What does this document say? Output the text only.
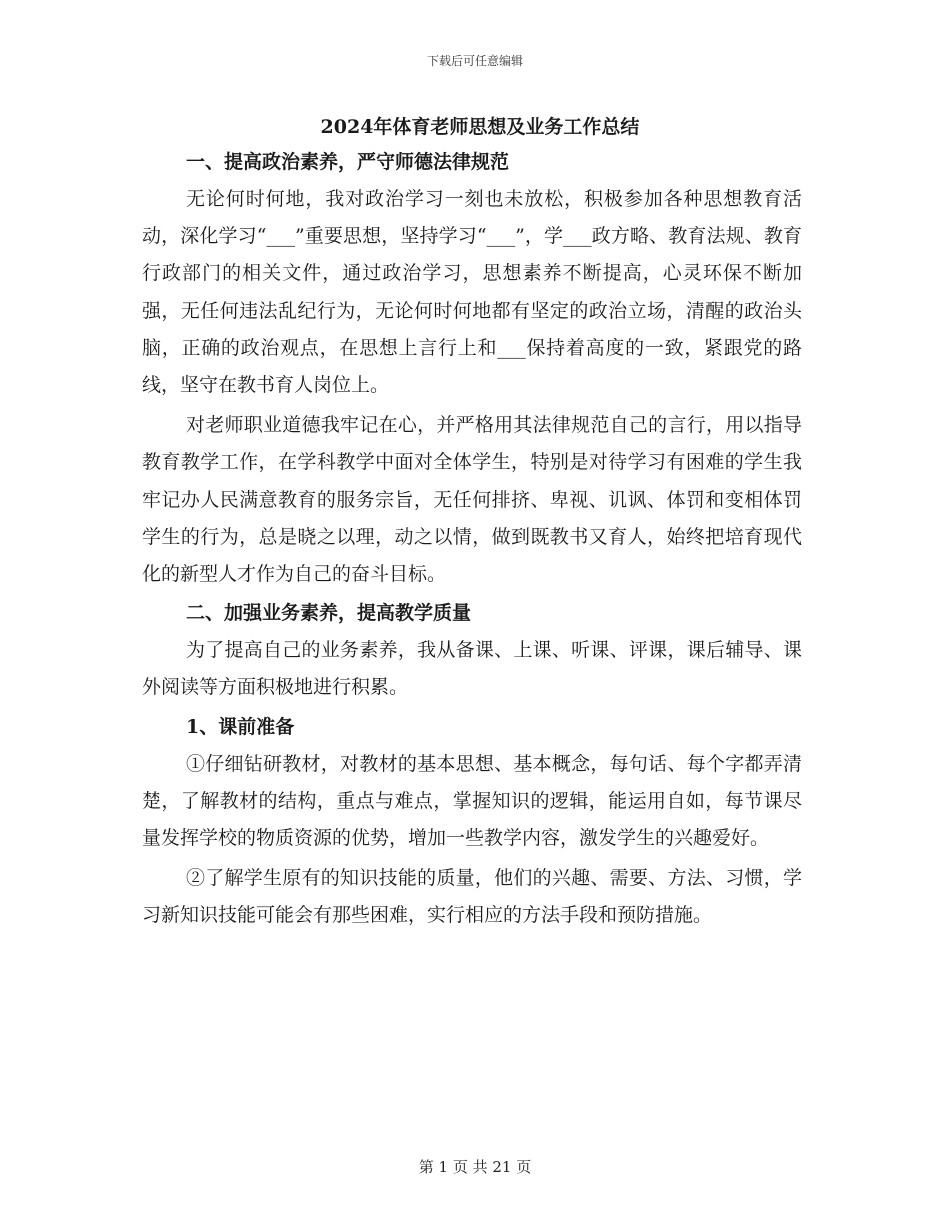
下载后可任意编辑
2024年体育老师思想及业务工作总结
一、提高政治素养，严守师德法律规范

无论何时何地，我对政治学习一刻也未放松，积极参加各种思想教育活动，深化学习“___”重要思想，坚持学习“___”，学___政方略、教育法规、教育行政部门的相关文件，通过政治学习，思想素养不断提高，心灵环保不断加强，无任何违法乱纪行为，无论何时何地都有坚定的政治立场，清醒的政治头脑，正确的政治观点，在思想上言行上和___保持着高度的一致，紧跟党的路线，坚守在教书育人岗位上。

对老师职业道德我牢记在心，并严格用其法律规范自己的言行，用以指导教育教学工作，在学科教学中面对全体学生，特别是对待学习有困难的学生我牢记办人民满意教育的服务宗旨，无任何排挤、卑视、讥讽、体罚和变相体罚学生的行为，总是晓之以理，动之以情，做到既教书又育人，始终把培育现代化的新型人才作为自己的奋斗目标。

二、加强业务素养，提高教学质量

为了提高自己的业务素养，我从备课、上课、听课、评课，课后辅导、课外阅读等方面积极地进行积累。

1、课前准备

①仔细钻研教材，对教材的基本思想、基本概念，每句话、每个字都弄清楚，了解教材的结构，重点与难点，掌握知识的逻辑，能运用自如，每节课尽量发挥学校的物质资源的优势，增加一些教学内容，激发学生的兴趣爱好。

②了解学生原有的知识技能的质量，他们的兴趣、需要、方法、习惯，学习新知识技能可能会有那些困难，实行相应的方法手段和预防措施。

第 1 页 共 21 页
